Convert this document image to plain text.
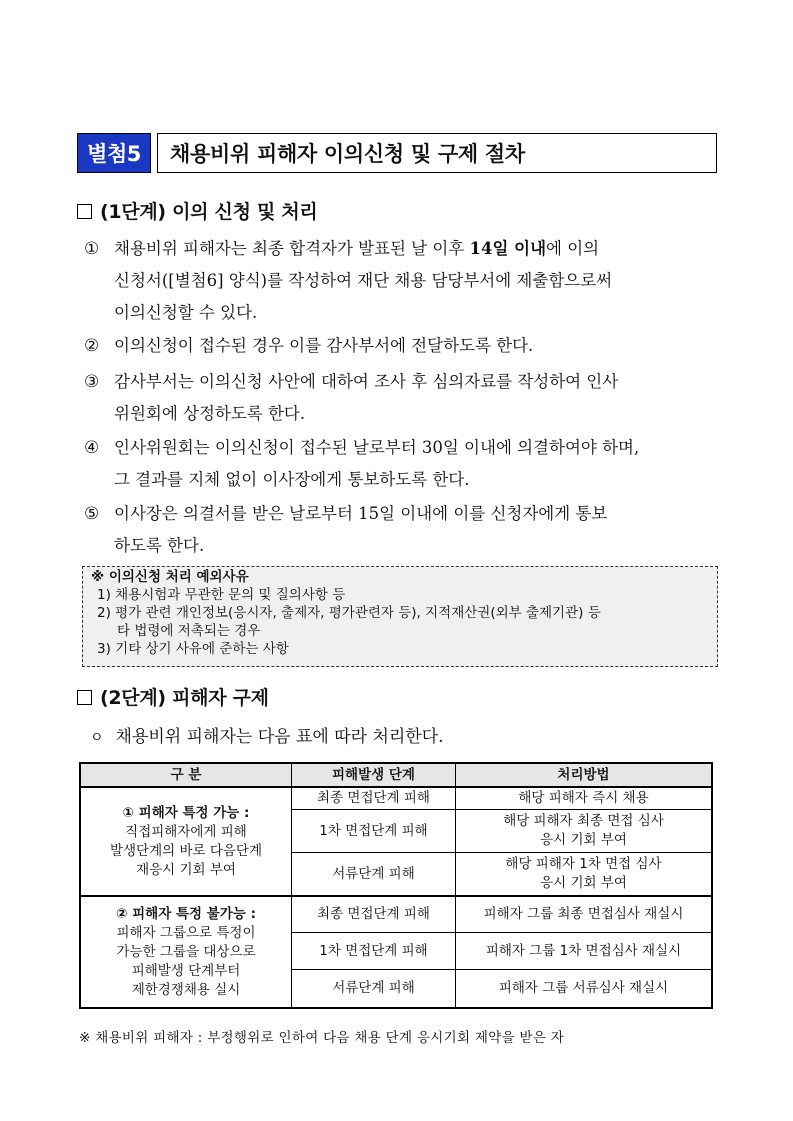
별첨5	채용비위 피해자 이의신청 및 구제 절차
(1단계) 이의 신청 및 처리
① 채용비위 피해자는 최종 합격자가 발표된 날 이후 14일 이내에 이의
신청서([별첨6] 양식)를 작성하여 재단 채용 담당부서에 제출함으로써
이의신청할 수 있다.
② 이의신청이 접수된 경우 이를 감사부서에 전달하도록 한다.
③ 감사부서는 이의신청 사안에 대하여 조사 후 심의자료를 작성하여 인사
위원회에 상정하도록 한다.
④ 인사위원회는 이의신청이 접수된 날로부터 30일 이내에 의결하여야 하며,
그 결과를 지체 없이 이사장에게 통보하도록 한다.
⑤ 이사장은 의결서를 받은 날로부터 15일 이내에 이를 신청자에게 통보
하도록 한다.
※ 이의신청 처리 예외사유
1) 채용시험과 무관한 문의 및 질의사항 등
2) 평가 관련 개인정보(응시자, 출제자, 평가관련자 등), 지적재산권(외부 출제기관) 등
타 법령에 저촉되는 경우
3) 기타 상기 사유에 준하는 사항
(2단계) 피해자 구제
ㅇ 채용비위 피해자는 다음 표에 따라 처리한다.
구 분	피해발생 단계	처리방법

① 피해자 특정 가능 :
직접피해자에게 피해
발생단계의 바로 다음단계
재응시 기회 부여	최종 면접단계 피해	해당 피해자 즉시 채용
	1차 면접단계 피해	해당 피해자 최종 면접 심사
응시 기회 부여

	서류단계 피해	해당 피해자 1차 면접 심사
응시 기회 부여

② 피해자 특정 불가능 :
피해자 그룹으로 특정이
가능한 그룹을 대상으로
피해발생 단계부터
제한경쟁채용 실시	최종 면접단계 피해	피해자 그룹 최종 면접심사 재실시
	1차 면접단계 피해	피해자 그룹 1차 면접심사 재실시
	서류단계 피해	피해자 그룹 서류심사 재실시
※ 채용비위 피해자 : 부정행위로 인하여 다음 채용 단계 응시기회 제약을 받은 자
